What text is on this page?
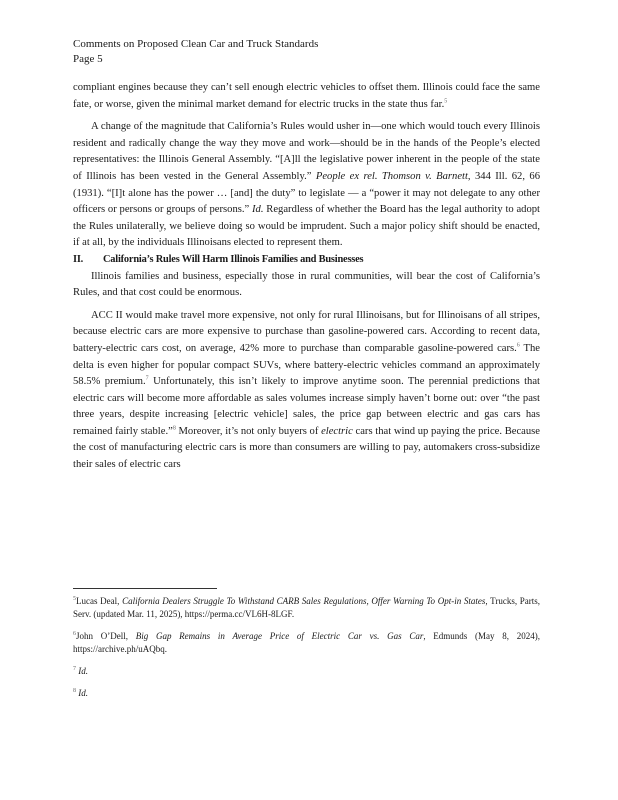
Comments on Proposed Clean Car and Truck Standards
Page 5

compliant engines because they can’t sell enough electric vehicles to offset them. Illinois could face the same fate, or worse, given the minimal market demand for electric trucks in the state thus far.$^5$

A change of the magnitude that California’s Rules would usher in—one which would touch every Illinois resident and radically change the way they move and work—should be in the hands of the People’s elected representatives: the Illinois General Assembly. “[A]ll the legislative power inherent in the people of the state of Illinois has been vested in the General Assembly.” People ex rel. Thomson v. Barnett, 344 Ill. 62, 66 (1931). “[I]t alone has the power … [and] the duty” to legislate — a “power it may not delegate to any other officers or persons or groups of persons.” Id. Regardless of whether the Board has the legal authority to adopt the Rules unilaterally, we believe doing so would be imprudent. Such a major policy shift should be enacted, if at all, by the individuals Illinoisans elected to represent them.

II. California’s Rules Will Harm Illinois Families and Businesses

Illinois families and business, especially those in rural communities, will bear the cost of California’s Rules, and that cost could be enormous.

ACC II would make travel more expensive, not only for rural Illinoisans, but for Illinoisans of all stripes, because electric cars are more expensive to purchase than gasoline-powered cars. According to recent data, battery-electric cars cost, on average, 42% more to purchase than comparable gasoline-powered cars.$^6$ The delta is even higher for popular compact SUVs, where battery-electric vehicles command an approximately 58.5% premium.$^7$ Unfortunately, this isn’t likely to improve anytime soon. The perennial predictions that electric cars will become more affordable as sales volumes increase simply haven’t borne out: over “the past three years, despite increasing [electric vehicle] sales, the price gap between electric and gas cars has remained fairly stable.”$^8$ Moreover, it’s not only buyers of electric cars that wind up paying the price. Because the cost of manufacturing electric cars is more than consumers are willing to pay, automakers cross-subsidize their sales of electric cars

$^5$Lucas Deal, California Dealers Struggle To Withstand CARB Sales Regulations, Offer Warning To Opt-in States, Trucks, Parts, Serv. (updated Mar. 11, 2025), https://perma.cc/VL6H-8LGF.

$^6$John O’Dell, Big Gap Remains in Average Price of Electric Car vs. Gas Car, Edmunds (May 8, 2024), https://archive.ph/uAQbq.

$^7$ Id.

$^8$ Id.
